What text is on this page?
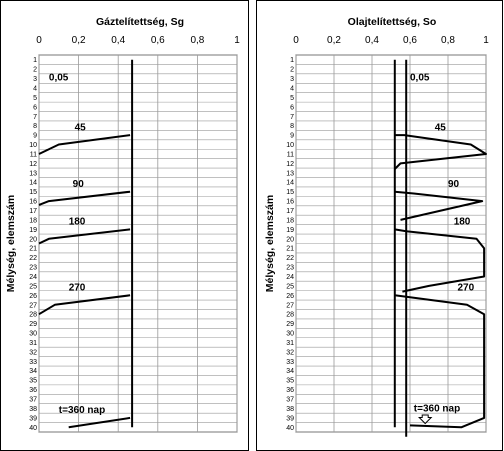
0	0,2	0,4	0,6	0,8	1
1
2
3
4
5
6
7
8
9
10
11
12
13
14
15
16
17
18
19
20
21
22
23
24
25
26
27
28
29
30
31
32
33
34
35
36
37
38
39
40
Gáztelítettség, Sg
Mélység, elemszám
0,05
45
90
180
270
t=360 nap
0	0,2 0,4 0,6 0,8	1
1
2
3
4
5
6
7
8
9
10
11
12
13
14
15
16
17
18
19
20
21
22
23
24
25
26
27
28
29
30
31
32
33
34
35
36
37
38
39
40
Olajtelítettség, So
Mélység, elemszám
0,05
45
90
180
270
t=360 nap
